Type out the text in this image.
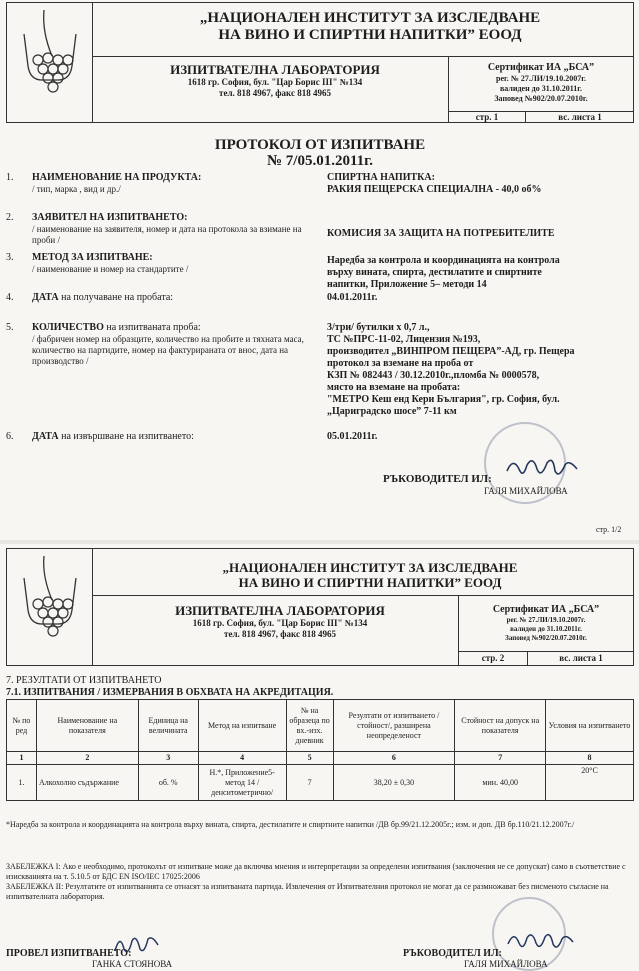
„НАЦИОНАЛЕН ИНСТИТУТ ЗА ИЗСЛЕДВАНЕ
НА ВИНО И СПИРТНИ НАПИТКИ” ЕООД
ИЗПИТВАТЕЛНА ЛАБОРАТОРИЯ
1618 гр. София, бул. "Цар Борис III" №134
тел. 818 4967, факс 818 4965
Сертификат ИА „БСА”
рег. № 27.ЛИ/19.10.2007г.
валиден до 31.10.2011г.
Заповед №902/20.07.2010г.
стр. 1	вс. листа 1
ПРОТОКОЛ ОТ ИЗПИТВАНЕ
№ 7/05.01.2011г.
1. НАИМЕНОВАНИЕ НА ПРОДУКТА:
/ тип, марка , вид и др./
СПИРТНА НАПИТКА:
РАКИЯ ПЕЩЕРСКА СПЕЦИАЛНА - 40,0 об%
2. ЗАЯВИТЕЛ НА ИЗПИТВАНЕТО:
/ наименование на заявителя, номер и дата на протокола за взимане на проби /
КОМИСИЯ ЗА ЗАЩИТА НА ПОТРЕБИТЕЛИТЕ
3. МЕТОД ЗА ИЗПИТВАНЕ:
/ наименование и номер на стандартите /
Наредба за контрола и координацията на контрола
върху вината, спирта, дестилатите и спиртните
напитки, Приложение 5– методи 14
4. ДАТА на получаване на пробата:	04.01.2011г.
5. КОЛИЧЕСТВО на изпитваната проба:
/ фабричен номер на образците, количество на пробите и тяхната маса, количество на партидите, номер на фактурираната от внос, дата на производство /
3/три/ бутилки х 0,7 л.,
ТС №ПРС-11-02, Лицензия №193,
производител „ВИНПРОМ ПЕЩЕРА”-АД, гр. Пещера
протокол за вземане на проба от
КЗП № 082443 / 30.12.2010г.,пломба № 0000578,
място на вземане на пробата:
"МЕТРО Кеш енд Кери България", гр. София, бул.
„Цариградско шосе” 7-11 км
6. ДАТА на извършване на изпитването:	05.01.2011г.
РЪКОВОДИТЕЛ ИЛ:
ГАЛЯ МИХАЙЛОВА
стр. 1/2
„НАЦИОНАЛЕН ИНСТИТУТ ЗА ИЗСЛЕДВАНЕ
НА ВИНО И СПИРТНИ НАПИТКИ” ЕООД
ИЗПИТВАТЕЛНА ЛАБОРАТОРИЯ
1618 гр. София, бул. "Цар Борис III" №134
тел. 818 4967, факс 818 4965
Сертификат ИА „БСА”
рег. № 27.ЛИ/19.10.2007г.
валиден до 31.10.2011г.
Заповед №902/20.07.2010г.
стр. 2	вс. листа 1
7. РЕЗУЛТАТИ ОТ ИЗПИТВАНЕТО
7.1. ИЗПИТВАНИЯ / ИЗМЕРВАНИЯ В ОБХВАТА НА АКРЕДИТАЦИЯ.
№ по ред	Наименование на показателя	Единица на величината	Метод на изпитване	№ на образеца по вх.-изх. дневник	Резултати от изпитването /стойност/, разширена неопределеност	Стойност на допуск на показателя	Условия на изпитването
1	2	3	4	5	6	7	8
1.	Алкохолно съдържание	об. %	Н.*, Приложение5- метод 14 /денситометрично/	7	38,20 ± 0,30	мин. 40,00	20°С
*Наредба за контрола и координацията на контрола върху вината, спирта, дестилатите и спиртните напитки /ДВ бр.99/21.12.2005г.; изм. и доп. ДВ бр.110/21.12.2007г./
ЗАБЕЛЕЖКА I: Ако е необходимо, протоколът от изпитване може да включва мнения и интерпретации за определени изпитвания (заключения не се допускат) само в съответствие с изискванията на т. 5.10.5 от БДС EN ISO/IEC 17025:2006
ЗАБЕЛЕЖКА II: Резултатите от изпитванията се отнасят за изпитваната партида. Извлечения от Изпитвателния протокол не могат да се размножават без писменото съгласие на изпитвателната лаборатория.
ПРОВЕЛ ИЗПИТВАНЕТО:
ГАНКА СТОЯНОВА
РЪКОВОДИТЕЛ ИЛ:
ГАЛЯ МИХАЙЛОВА
